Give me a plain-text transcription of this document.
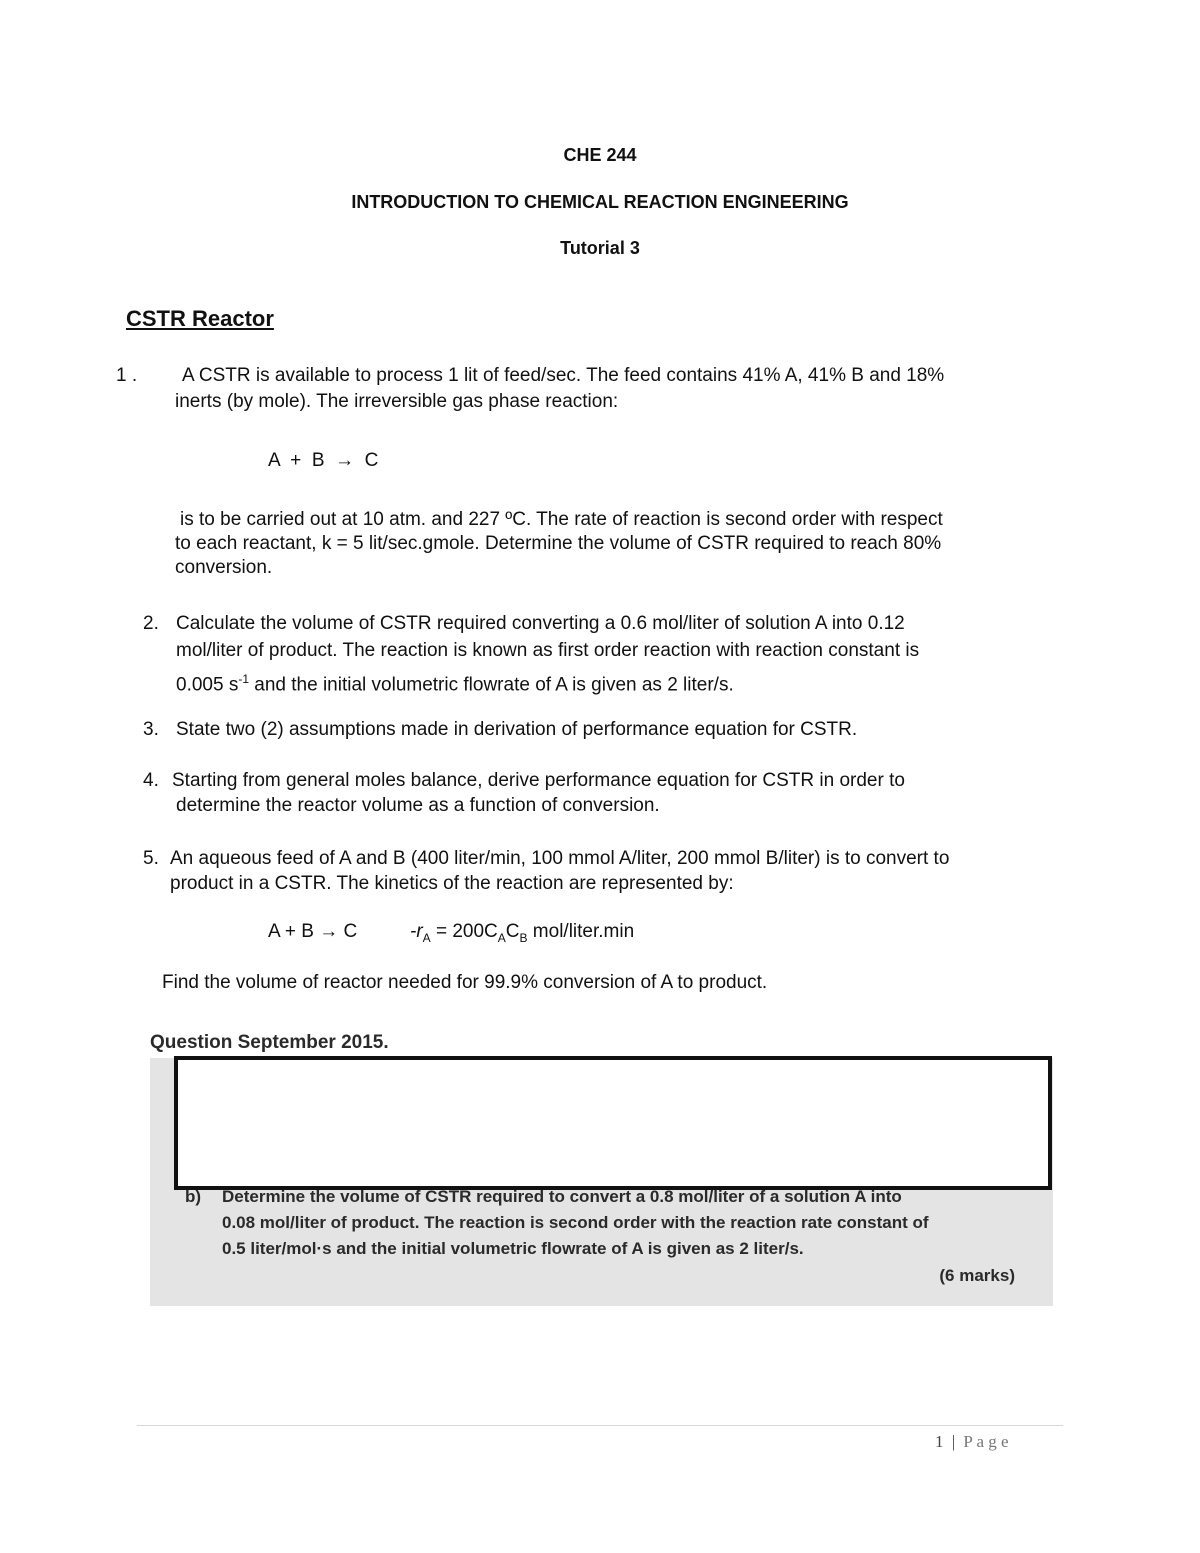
CHE 244
INTRODUCTION TO CHEMICAL REACTION ENGINEERING
Tutorial 3
CSTR Reactor
1 . A CSTR is available to process 1 lit of feed/sec. The feed contains 41% A, 41% B and 18%
inerts (by mole). The irreversible gas phase reaction:
A  +  B  →  C
is to be carried out at 10 atm. and 227 ºC. The rate of reaction is second order with respect
to each reactant, k = 5 lit/sec.gmole. Determine the volume of CSTR required to reach 80%
conversion.
2. Calculate the volume of CSTR required converting a 0.6 mol/liter of solution A into 0.12
mol/liter of product. The reaction is known as first order reaction with reaction constant is
0.005 $s^{-1}$ and the initial volumetric flowrate of A is given as 2 liter/s.
3. State two (2) assumptions made in derivation of performance equation for CSTR.
4. Starting from general moles balance, derive performance equation for CSTR in order to
determine the reactor volume as a function of conversion.
5. An aqueous feed of A and B (400 liter/min, 100 mmol A/liter, 200 mmol B/liter) is to convert to
product in a CSTR. The kinetics of the reaction are represented by:
A + B → C	$-r_A = 200C_AC_B$ mol/liter.min
Find the volume of reactor needed for 99.9% conversion of A to product.
Question September 2015.
b) Determine the volume of CSTR required to convert a 0.8 mol/liter of a solution A into
0.08 mol/liter of product. The reaction is second order with the reaction rate constant of
0.5 liter/mol·s and the initial volumetric flowrate of A is given as 2 liter/s.
(6 marks)
1 | P a g e
